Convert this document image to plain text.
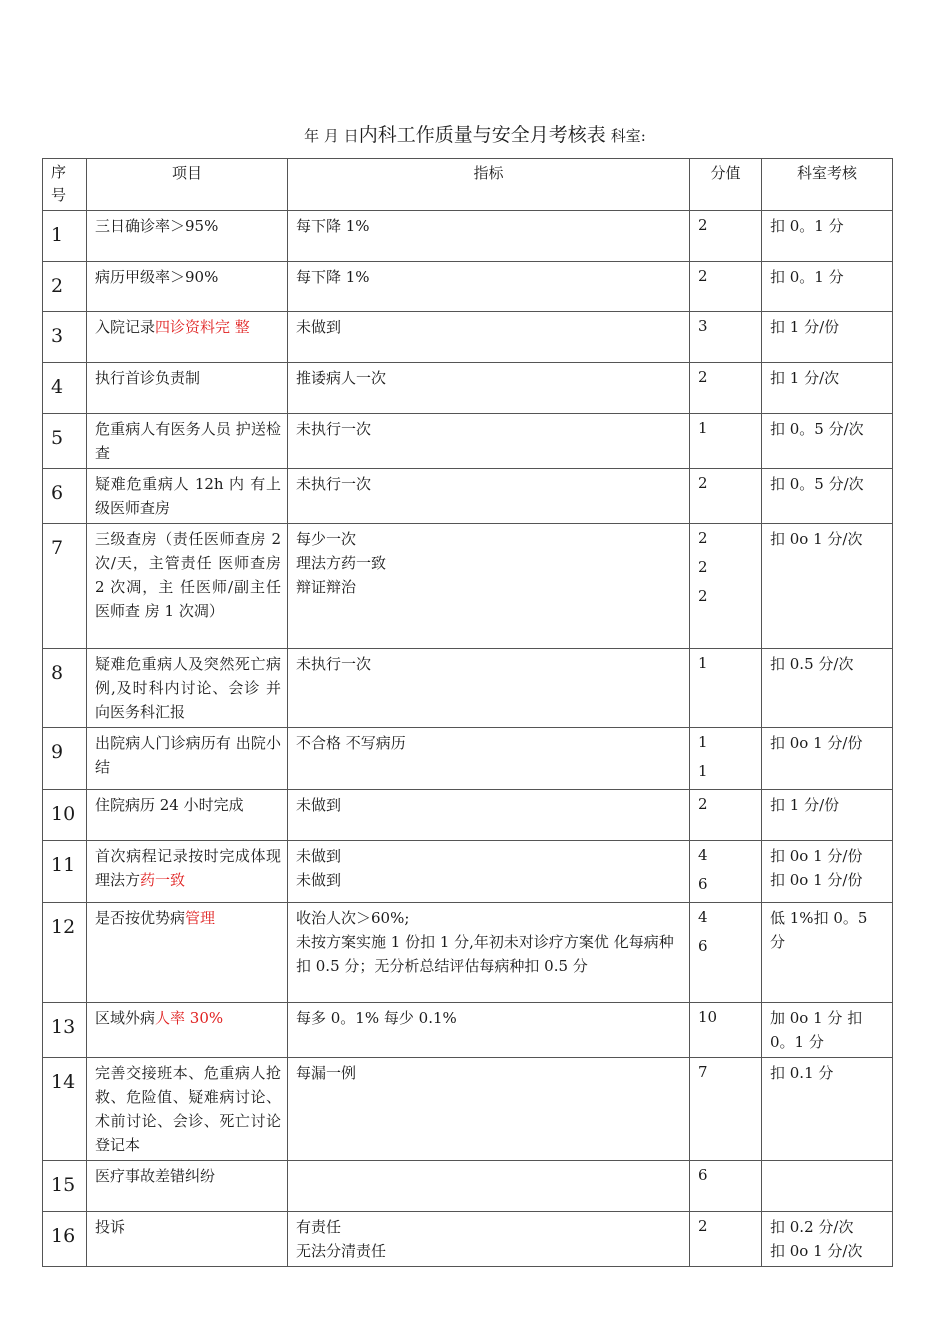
年 月 日内科工作质量与安全月考核表 科室:
序号	项目	指标	分值	科室考核
1	三日确诊率＞95%	每下降 1%	2	扣 0。1 分

2	病历甲级率＞90%	每下降 1%	2	扣 0。1 分

3	入院记录四诊资料完 整	未做到	3	扣 1 分/份

4	执行首诊负责制	推诿病人一次	2	扣 1 分/次

5	危重病人有医务人员 护送检查	未执行一次	1	扣 0。5 分/次

6	疑难危重病人 12h 内 有上级医师查房	未执行一次	2	扣 0。5 分/次

7	三级查房（责任医师查房 2 次/天，主管责任 医师查房 2 次凋，主 任医师/副主任医师查 房 1 次凋）	每少一次
理法方药一致
辩证辩治	2
2
2	扣 0o 1 分/次

8	疑难危重病人及突然死亡病例,及时科内讨论、会诊 并向医务科汇报	未执行一次	1	扣 0.5 分/次

9	出院病人门诊病历有 出院小结	不合格 不写病历	1
1	扣 0o 1 分/份

10	住院病历 24 小时完成	未做到	2	扣 1 分/份

11	首次病程记录按时完成体现理法方药一致	未做到
未做到	4
6	扣 0o 1 分/份
扣 0o 1 分/份

12	是否按优势病管理	收治人次＞60%;
未按方案实施 1 份扣 1 分,年初未对诊疗方案优 化每病种扣 0.5 分；无分析总结评估每病种扣 0.5 分	4
6	低 1%扣 0。5 分

13	区域外病人率 30%	每多 0。1% 每少 0.1%	10	加 0o 1 分 扣 0。1 分

14	完善交接班本、危重病人抢救、危险值、疑难病讨论、术前讨论、会诊、死亡讨论登记本	每漏一例	7	扣 0.1 分

15	医疗事故差错纠纷		6	

16	投诉	有责任
无法分清责任	2	扣 0.2 分/次
扣 0o 1 分/次
